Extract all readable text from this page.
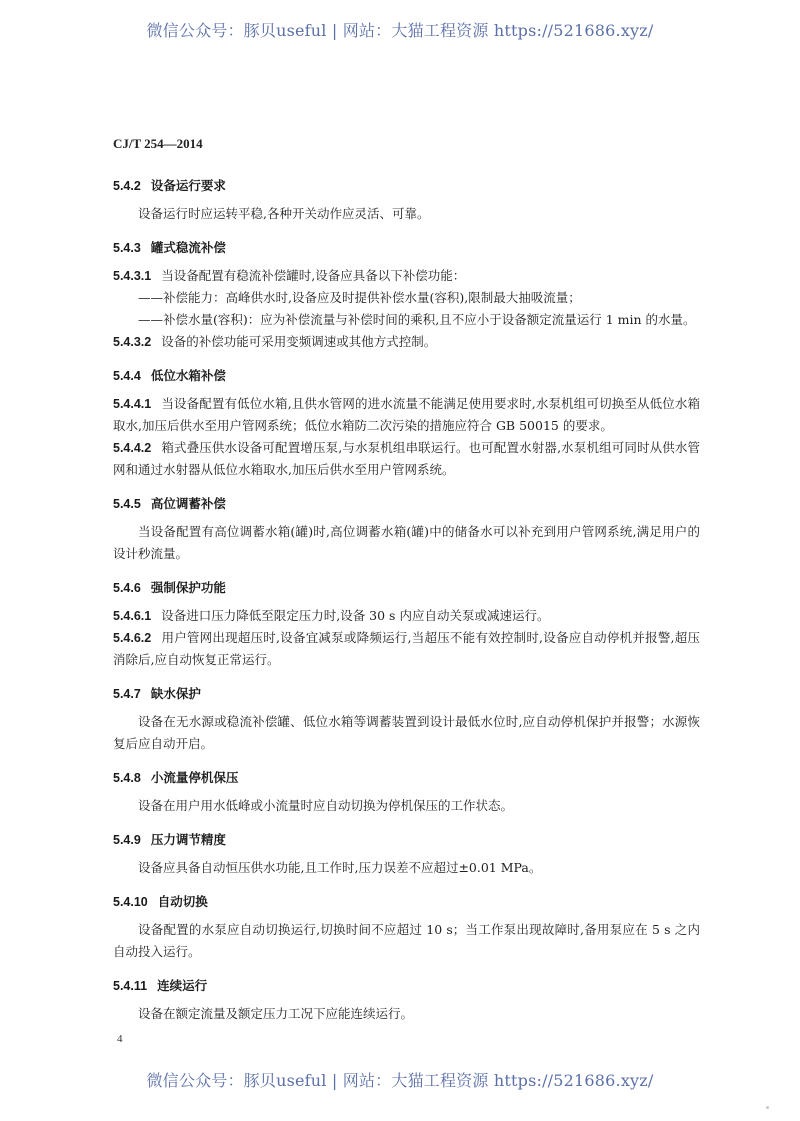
微信公众号：豚贝useful | 网站：大猫工程资源 https://521686.xyz/
CJ/T 254—2014

5.4.2 设备运行要求

设备运行时应运转平稳,各种开关动作应灵活、可靠。

5.4.3 罐式稳流补偿

5.4.3.1 当设备配置有稳流补偿罐时,设备应具备以下补偿功能：

——补偿能力：高峰供水时,设备应及时提供补偿水量(容积),限制最大抽吸流量；

——补偿水量(容积)：应为补偿流量与补偿时间的乘积,且不应小于设备额定流量运行 1 min 的水量。

5.4.3.2 设备的补偿功能可采用变频调速或其他方式控制。

5.4.4 低位水箱补偿

5.4.4.1 当设备配置有低位水箱,且供水管网的进水流量不能满足使用要求时,水泵机组可切换至从低位水箱取水,加压后供水至用户管网系统；低位水箱防二次污染的措施应符合 GB 50015 的要求。

5.4.4.2 箱式叠压供水设备可配置增压泵,与水泵机组串联运行。也可配置水射器,水泵机组可同时从供水管网和通过水射器从低位水箱取水,加压后供水至用户管网系统。

5.4.5 高位调蓄补偿

当设备配置有高位调蓄水箱(罐)时,高位调蓄水箱(罐)中的储备水可以补充到用户管网系统,满足用户的设计秒流量。

5.4.6 强制保护功能

5.4.6.1 设备进口压力降低至限定压力时,设备 30 s 内应自动关泵或减速运行。

5.4.6.2 用户管网出现超压时,设备宜减泵或降频运行,当超压不能有效控制时,设备应自动停机并报警,超压消除后,应自动恢复正常运行。

5.4.7 缺水保护

设备在无水源或稳流补偿罐、低位水箱等调蓄装置到设计最低水位时,应自动停机保护并报警；水源恢复后应自动开启。

5.4.8 小流量停机保压

设备在用户用水低峰或小流量时应自动切换为停机保压的工作状态。

5.4.9 压力调节精度

设备应具备自动恒压供水功能,且工作时,压力误差不应超过±0.01 MPa。

5.4.10 自动切换

设备配置的水泵应自动切换运行,切换时间不应超过 10 s；当工作泵出现故障时,备用泵应在 5 s 之内自动投入运行。

5.4.11 连续运行

设备在额定流量及额定压力工况下应能连续运行。

4
微信公众号：豚贝useful | 网站：大猫工程资源 https://521686.xyz/
